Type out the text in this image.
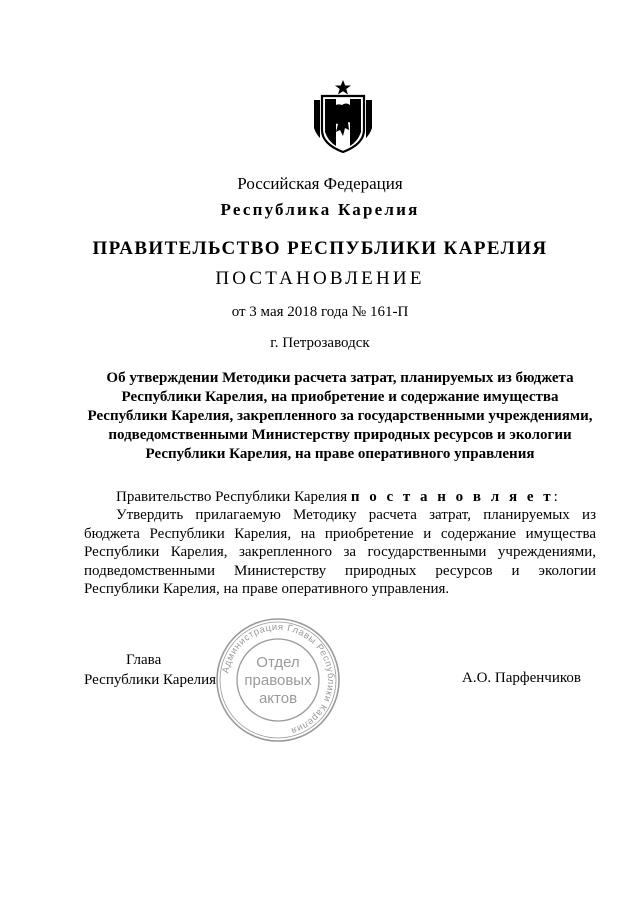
Российская Федерация
Республика Карелия
ПРАВИТЕЛЬСТВО РЕСПУБЛИКИ КАРЕЛИЯ
ПОСТАНОВЛЕНИЕ
от 3 мая 2018 года № 161-П
г. Петрозаводск
Об утверждении Методики расчета затрат, планируемых из бюджета
Республики Карелия, на приобретение и содержание имущества
Республики Карелия, закрепленного за государственными учреждениями,
подведомственными Министерству природных ресурсов и экологии
Республики Карелия, на праве оперативного управления
Правительство Республики Карелия п о с т а н о в л я е т:
Утвердить прилагаемую Методику расчета затрат, планируемых из
бюджета Республики Карелия, на приобретение и содержание имущества
Республики Карелия, закрепленного за государственными учреждениями,
подведомственными Министерству природных ресурсов и экологии
Республики Карелия, на праве оперативного управления.
Администрация Главы Республики Карелия
Отдел
правовых
актов
Глава
Республики Карелия	А.О. Парфенчиков
